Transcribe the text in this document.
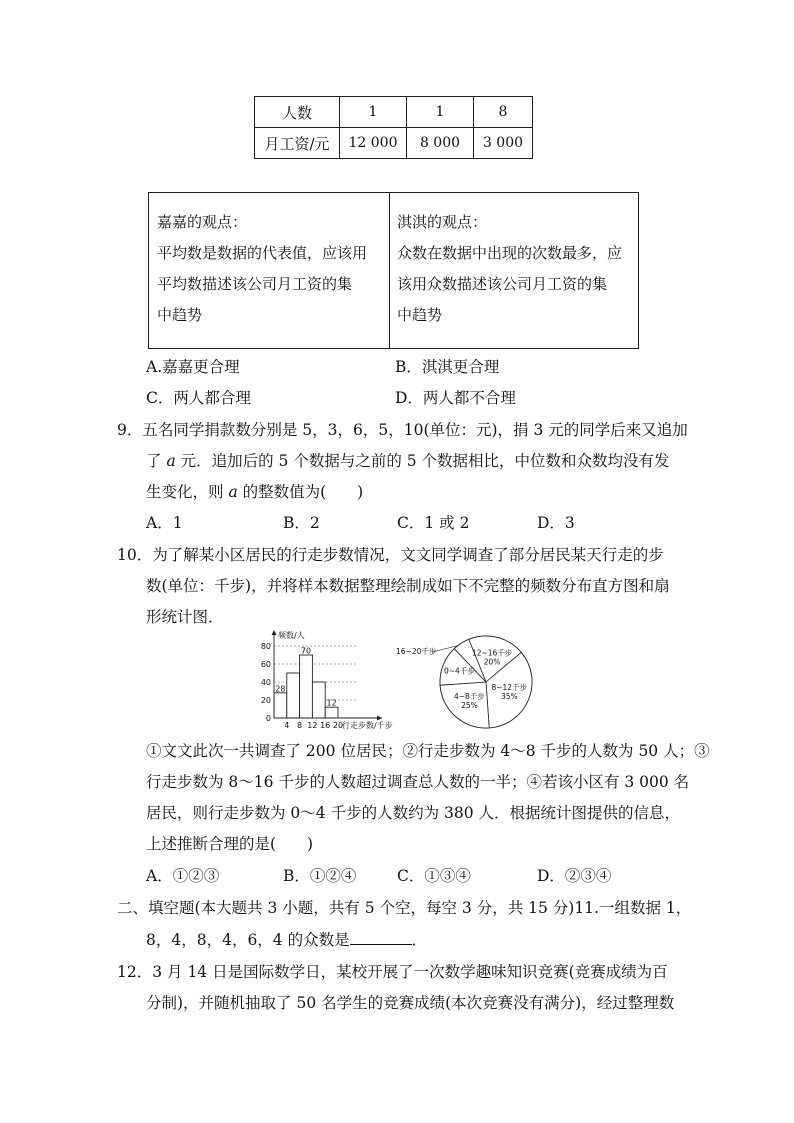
人数	1	1	8
月工资/元	12 000	8 000	3 000
嘉嘉的观点：
平均数是数据的代表值，应该用
平均数描述该公司月工资的集
中趋势
淇淇的观点：
众数在数据中出现的次数最多，应
该用众数描述该公司月工资的集
中趋势
A.嘉嘉更合理	B．淇淇更合理
C．两人都合理	D．两人都不合理
9．五名同学捐款数分别是 5，3，6，5，10(单位：元)，捐 3 元的同学后来又追加
了 a 元．追加后的 5 个数据与之前的 5 个数据相比，中位数和众数均没有发
生变化，则 a 的整数值为(　　)
A．1	B．2	C．1 或 2	D．3
10．为了解某小区居民的行走步数情况，文文同学调查了部分居民某天行走的步
数(单位：千步)，并将样本数据整理绘制成如下不完整的频数分布直方图和扇
形统计图．
28
70
12
0
20
40
60
80
4 8 12 16 20
行走步数/千步
频数/人
12~16千步
20%
8~12千步
35%
4~8千步
25%
0~4千步
16~20千步
①文文此次一共调查了 200 位居民；②行走步数为 4～8 千步的人数为 50 人；③
行走步数为 8～16 千步的人数超过调查总人数的一半；④若该小区有 3 000 名
居民，则行走步数为 0～4 千步的人数约为 380 人．根据统计图提供的信息，
上述推断合理的是(　　)
A．①②③	B．①②④	C．①③④	D．②③④
二、填空题(本大题共 3 小题，共有 5 个空，每空 3 分，共 15 分)11.一组数据 1，
8，4，8，4，6，4 的众数是	．
12．3 月 14 日是国际数学日，某校开展了一次数学趣味知识竞赛(竞赛成绩为百
分制)，并随机抽取了 50 名学生的竞赛成绩(本次竞赛没有满分)，经过整理数
